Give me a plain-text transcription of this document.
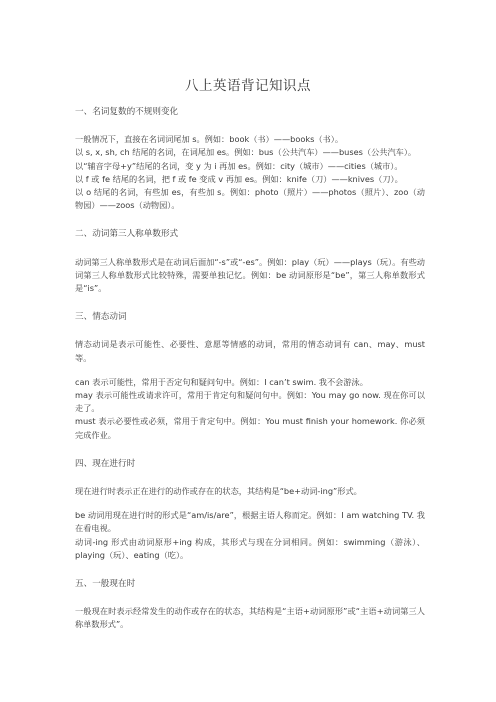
八上英语背记知识点

一、名词复数的不规则变化

一般情况下，直接在名词词尾加 s。例如：book（书）——books（书）。

以 s, x, sh, ch 结尾的名词，在词尾加 es。例如：bus（公共汽车）——buses（公共汽车）。

以“辅音字母+y”结尾的名词，变 y 为 i 再加 es。例如：city（城市）——cities（城市）。

以 f 或 fe 结尾的名词，把 f 或 fe 变成 v 再加 es。例如：knife（刀）——knives（刀）。

以 o 结尾的名词，有些加 es，有些加 s。例如：photo（照片）——photos（照片）、zoo（动物园）——zoos（动物园）。

二、动词第三人称单数形式

动词第三人称单数形式是在动词后面加“-s”或“-es”。例如：play（玩）——plays（玩）。有些动词第三人称单数形式比较特殊，需要单独记忆。例如：be 动词原形是“be”，第三人称单数形式是“is”。

三、情态动词

情态动词是表示可能性、必要性、意愿等情感的动词，常用的情态动词有 can、may、must 等。

can 表示可能性，常用于否定句和疑问句中。例如：I can’t swim. 我不会游泳。

may 表示可能性或请求许可，常用于肯定句和疑问句中。例如：You may go now. 现在你可以走了。

must 表示必要性或必须，常用于肯定句中。例如：You must finish your homework. 你必须完成作业。

四、现在进行时

现在进行时表示正在进行的动作或存在的状态，其结构是“be+动词-ing”形式。

be 动词用现在进行时的形式是“am/is/are”，根据主语人称而定。例如：I am watching TV. 我在看电视。

动词-ing 形式由动词原形+ing 构成，其形式与现在分词相同。例如：swimming（游泳）、playing（玩）、eating（吃）。

五、一般现在时

一般现在时表示经常发生的动作或存在的状态，其结构是“主语+动词原形”或“主语+动词第三人称单数形式”。
